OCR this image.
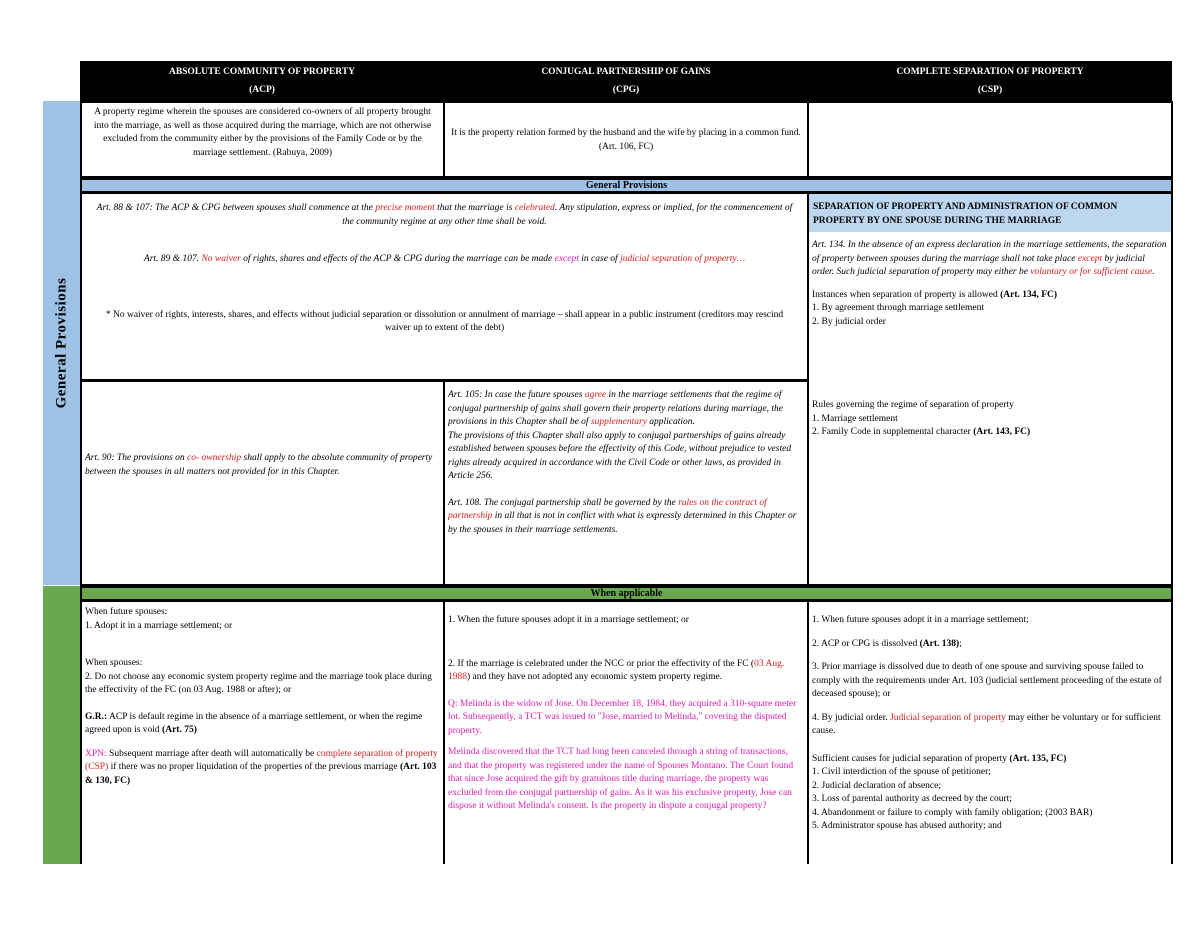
General Provisions
ABSOLUTE COMMUNITY OF PROPERTY
(ACP)
CONJUGAL PARTNERSHIP OF GAINS
(CPG)
COMPLETE SEPARATION OF PROPERTY
(CSP)
A property regime wherein the spouses are considered co-owners of all property brought into the marriage, as well as those acquired during the marriage, which are not otherwise excluded from the community either by the provisions of the Family Code or by the marriage settlement. (Rabuya, 2009)
It is the property relation formed by the husband and the wife by placing in a common fund. (Art. 106, FC)
General Provisions

Art. 88 & 107: The ACP & CPG between spouses shall commence at the precise moment that the marriage is celebrated. Any stipulation, express or implied, for the commencement of the community regime at any other time shall be void.

Art. 89 & 107. No waiver of rights, shares and effects of the ACP & CPG during the marriage can be made except in case of judicial separation of property…

* No waiver of rights, interests, shares, and effects without judicial separation or dissolution or annulment of marriage – shall appear in a public instrument (creditors may rescind waiver up to extent of the debt)

Art. 90: The provisions on co- ownership shall apply to the absolute community of property between the spouses in all matters not provided for in this Chapter.

Art. 105: In case the future spouses agree in the marriage settlements that the regime of conjugal partnership of gains shall govern their property relations during marriage, the provisions in this Chapter shall be of supplementary application.

The provisions of this Chapter shall also apply to conjugal partnerships of gains already established between spouses before the effectivity of this Code, without prejudice to vested rights already acquired in accordance with the Civil Code or other laws, as provided in Article 256.

Art. 108. The conjugal partnership shall be governed by the rules on the contract of partnership in all that is not in conflict with what is expressly determined in this Chapter or by the spouses in their marriage settlements.

SEPARATION OF PROPERTY AND ADMINISTRATION OF COMMON PROPERTY BY ONE SPOUSE DURING THE MARRIAGE

Art. 134. In the absence of an express declaration in the marriage settlements, the separation of property between spouses during the marriage shall not take place except by judicial order. Such judicial separation of property may either be voluntary or for sufficient cause.

Instances when separation of property is allowed (Art. 134, FC)

1. By agreement through marriage settlement

2. By judicial order

Rules governing the regime of separation of property

1. Marriage settlement

2. Family Code in supplemental character (Art. 143, FC)

When applicable

When future spouses:

1. Adopt it in a marriage settlement; or

When spouses:

2. Do not choose any economic system property regime and the marriage took place during the effectivity of the FC (on 03 Aug. 1988 or after); or

G.R.: ACP is default regime in the absence of a marriage settlement, or when the regime agreed upon is void (Art. 75)

XPN: Subsequent marriage after death will automatically be complete separation of property (CSP) if there was no proper liquidation of the properties of the previous marriage (Art. 103 & 130, FC)

1. When the future spouses adopt it in a marriage settlement; or

2. If the marriage is celebrated under the NCC or prior the effectivity of the FC (03 Aug. 1988) and they have not adopted any economic system property regime.

Q: Melinda is the widow of Jose. On December 18, 1984, they acquired a 310-square meter lot. Subsequently, a TCT was issued to "Jose, married to Melinda," covering the disputed property.

Melinda discovered that the TCT had long been canceled through a string of transactions, and that the property was registered under the name of Spouses Montano. The Court found that since Jose acquired the gift by gratuitous title during marriage, the property was excluded from the conjugal partnership of gains. As it was his exclusive property, Jose can dispose it without Melinda's consent. Is the property in dispute a conjugal property?

1. When future spouses adopt it in a marriage settlement;

2. ACP or CPG is dissolved (Art. 138);

3. Prior marriage is dissolved due to death of one spouse and surviving spouse failed to comply with the requirements under Art. 103 (judicial settlement proceeding of the estate of deceased spouse); or

4. By judicial order. Judicial separation of property may either be voluntary or for sufficient cause.

Sufficient causes for judicial separation of property (Art. 135, FC)

1. Civil interdiction of the spouse of petitioner;

2. Judicial declaration of absence;

3. Loss of parental authority as decreed by the court;

4. Abandonment or failure to comply with family obligation; (2003 BAR)

5. Administrator spouse has abused authority; and
